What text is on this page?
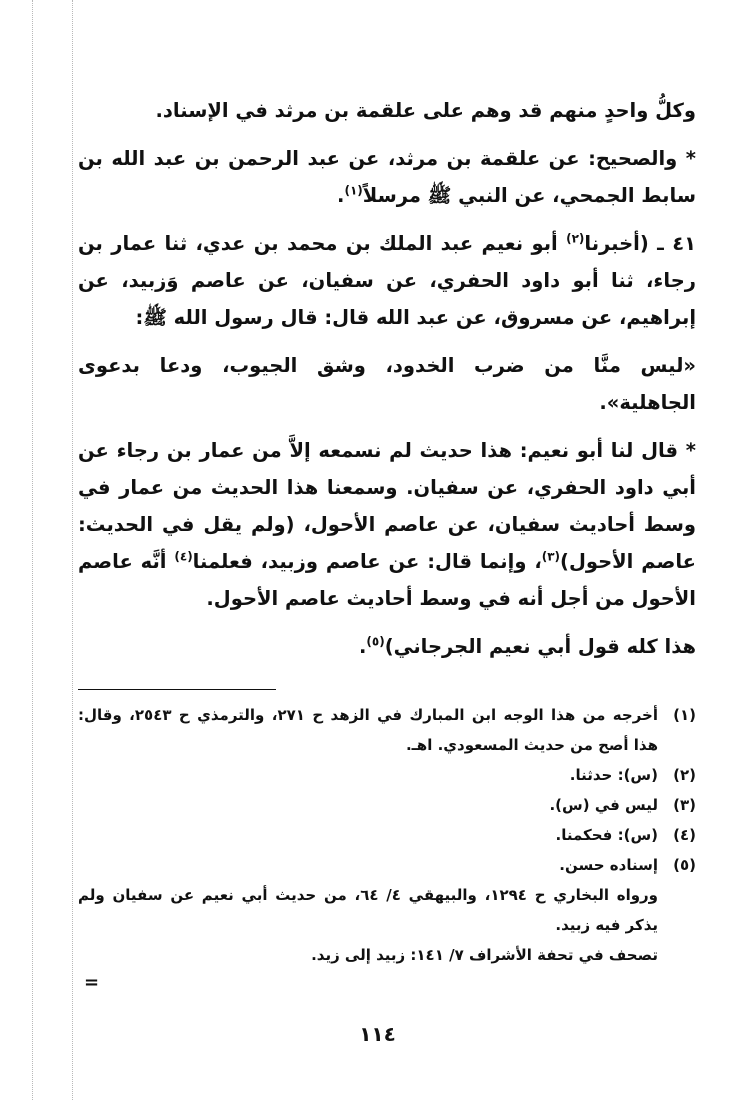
وكلُّ واحدٍ منهم قد وهم على علقمة بن مرثد في الإسناد.

* والصحيح: عن علقمة بن مرثد، عن عبد الرحمن بن عبد الله بن سابط الجمحي، عن النبي ﷺ مرسلاً$^{(١)}$.

٤١ ـ (أخبرنا$^{(٢)}$ أبو نعيم عبد الملك بن محمد بن عدي، ثنا عمار بن رجاء، ثنا أبو داود الحفري، عن سفيان، عن عاصم وَزبيد، عن إبراهيم، عن مسروق، عن عبد الله قال: قال رسول الله ﷺ:

«ليس منَّا من ضرب الخدود، وشق الجيوب، ودعا بدعوى الجاهلية».

* قال لنا أبو نعيم: هذا حديث لم نسمعه إلاَّ من عمار بن رجاء عن أبي داود الحفري، عن سفيان. وسمعنا هذا الحديث من عمار في وسط أحاديث سفيان، عن عاصم الأحول، (ولم يقل في الحديث: عاصم الأحول)$^{(٣)}$، وإنما قال: عن عاصم وزبيد، فعلمنا$^{(٤)}$ أنَّه عاصم الأحول من أجل أنه في وسط أحاديث عاصم الأحول.

هذا كله قول أبي نعيم الجرجاني)$^{(٥)}$.

(١)
أخرجه من هذا الوجه ابن المبارك في الزهد ح ٢٧١، والترمذي ح ٢٥٤٣، وقال: هذا أصح من حديث المسعودي. اهـ.
(٢)
(س): حدثنا.
(٣)
ليس في (س).
(٤)
(س): فحكمنا.
(٥)
إسناده حسن.
ورواه البخاري ح ١٢٩٤، والبيهقي ٤/ ٦٤، من حديث أبي نعيم عن سفيان ولم يذكر فيه زبيد.
تصحف في تحفة الأشراف ٧/ ١٤١: زبيد إلى زيد.
=
١١٤
